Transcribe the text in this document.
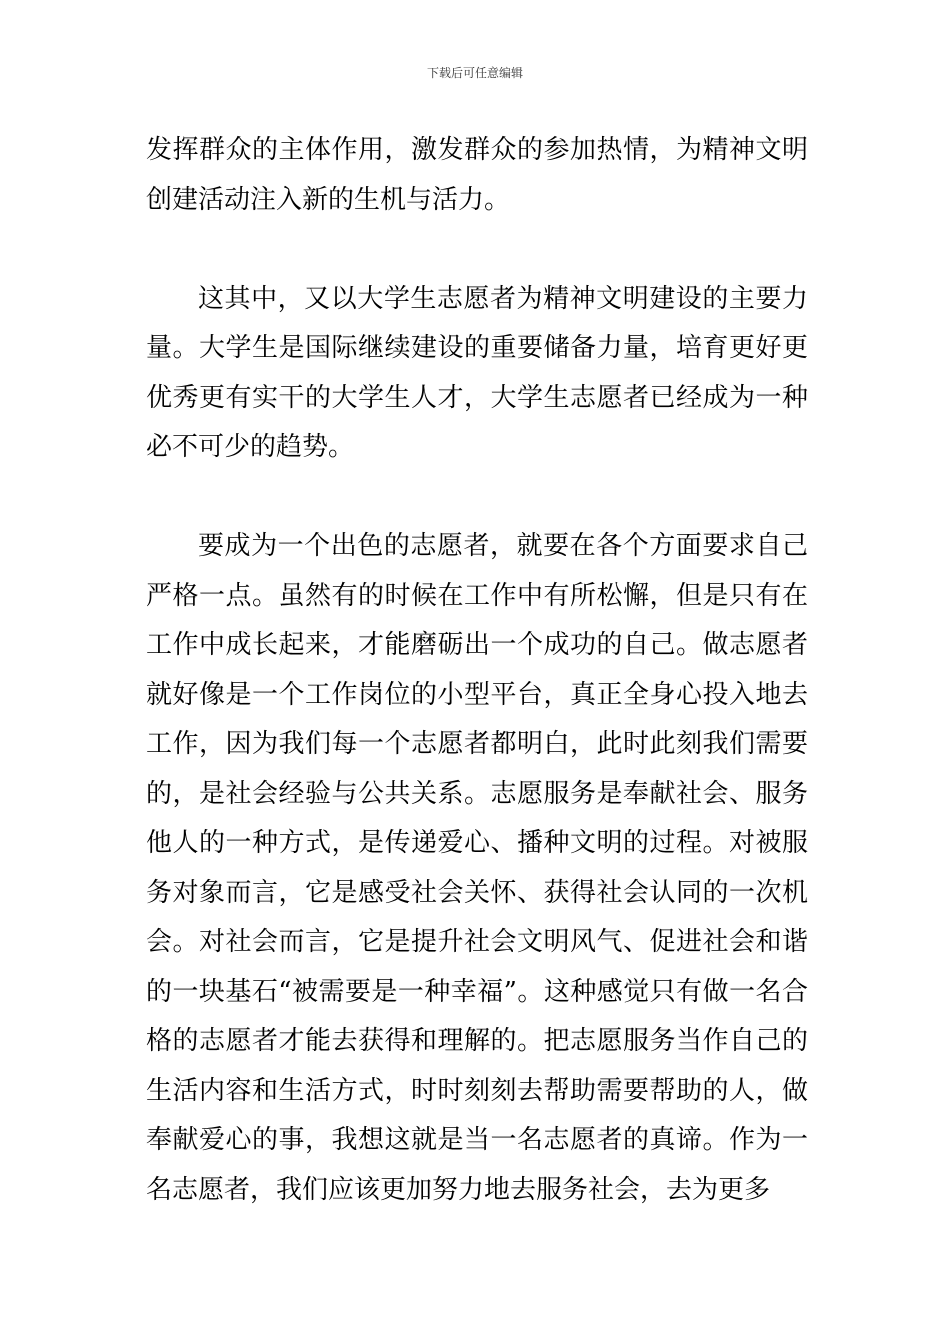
下载后可任意编辑

发挥群众的主体作用，激发群众的参加热情，为精神文明创建活动注入新的生机与活力。

这其中，又以大学生志愿者为精神文明建设的主要力量。大学生是国际继续建设的重要储备力量，培育更好更优秀更有实干的大学生人才，大学生志愿者已经成为一种必不可少的趋势。

要成为一个出色的志愿者，就要在各个方面要求自己严格一点。虽然有的时候在工作中有所松懈，但是只有在工作中成长起来，才能磨砺出一个成功的自己。做志愿者就好像是一个工作岗位的小型平台，真正全身心投入地去工作，因为我们每一个志愿者都明白，此时此刻我们需要的，是社会经验与公共关系。志愿服务是奉献社会、服务他人的一种方式，是传递爱心、播种文明的过程。对被服务对象而言，它是感受社会关怀、获得社会认同的一次机会。对社会而言，它是提升社会文明风气、促进社会和谐的一块基石“被需要是一种幸福”。这种感觉只有做一名合格的志愿者才能去获得和理解的。把志愿服务当作自己的生活内容和生活方式，时时刻刻去帮助需要帮助的人，做奉献爱心的事，我想这就是当一名志愿者的真谛。作为一名志愿者，我们应该更加努力地去服务社会，去为更多
